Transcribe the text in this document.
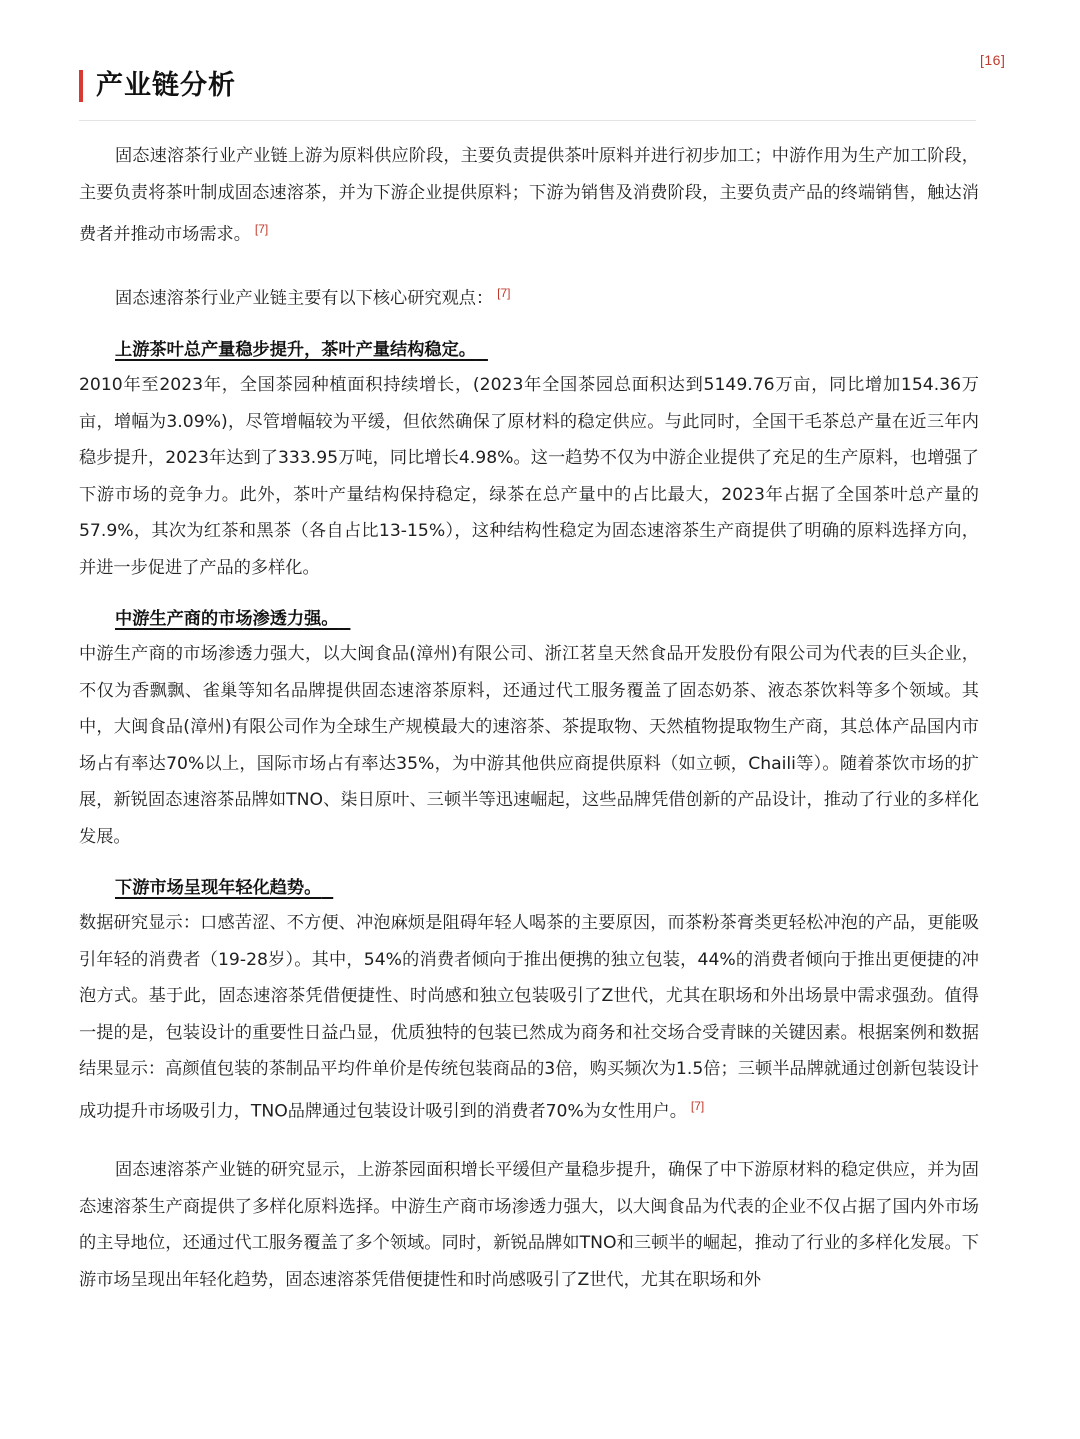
[16]
产业链分析

固态速溶茶行业产业链上游为原料供应阶段，主要负责提供茶叶原料并进行初步加工；中游作用为生产加工阶段，主要负责将茶叶制成固态速溶茶，并为下游企业提供原料；下游为销售及消费阶段，主要负责产品的终端销售，触达消费者并推动市场需求。 [7]

固态速溶茶行业产业链主要有以下核心研究观点： [7]

上游茶叶总产量稳步提升，茶叶产量结构稳定。

2010年至2023年，全国茶园种植面积持续增长，(2023年全国茶园总面积达到5149.76万亩，同比增加154.36万亩，增幅为3.09%)，尽管增幅较为平缓，但依然确保了原材料的稳定供应。与此同时，全国干毛茶总产量在近三年内稳步提升，2023年达到了333.95万吨，同比增长4.98%。这一趋势不仅为中游企业提供了充足的生产原料，也增强了下游市场的竞争力。此外，茶叶产量结构保持稳定，绿茶在总产量中的占比最大，2023年占据了全国茶叶总产量的57.9%，其次为红茶和黑茶（各自占比13-15%），这种结构性稳定为固态速溶茶生产商提供了明确的原料选择方向，并进一步促进了产品的多样化。

中游生产商的市场渗透力强。

中游生产商的市场渗透力强大，以大闽食品(漳州)有限公司、浙江茗皇天然食品开发股份有限公司为代表的巨头企业，不仅为香飘飘、雀巢等知名品牌提供固态速溶茶原料，还通过代工服务覆盖了固态奶茶、液态茶饮料等多个领域。其中，大闽食品(漳州)有限公司作为全球生产规模最大的速溶茶、茶提取物、天然植物提取物生产商，其总体产品国内市场占有率达70%以上，国际市场占有率达35%，为中游其他供应商提供原料（如立顿，Chaili等）。随着茶饮市场的扩展，新锐固态速溶茶品牌如TNO、柒日原叶、三顿半等迅速崛起，这些品牌凭借创新的产品设计，推动了行业的多样化发展。

下游市场呈现年轻化趋势。

数据研究显示：口感苦涩、不方便、冲泡麻烦是阻碍年轻人喝茶的主要原因，而茶粉茶膏类更轻松冲泡的产品，更能吸引年轻的消费者（19-28岁）。其中，54%的消费者倾向于推出便携的独立包装，44%的消费者倾向于推出更便捷的冲泡方式。基于此，固态速溶茶凭借便捷性、时尚感和独立包装吸引了Z世代，尤其在职场和外出场景中需求强劲。值得一提的是，包装设计的重要性日益凸显，优质独特的包装已然成为商务和社交场合受青睐的关键因素。根据案例和数据结果显示：高颜值包装的茶制品平均件单价是传统包装商品的3倍，购买频次为1.5倍；三顿半品牌就通过创新包装设计成功提升市场吸引力，TNO品牌通过包装设计吸引到的消费者70%为女性用户。 [7]

固态速溶茶产业链的研究显示，上游茶园面积增长平缓但产量稳步提升，确保了中下游原材料的稳定供应，并为固态速溶茶生产商提供了多样化原料选择。中游生产商市场渗透力强大，以大闽食品为代表的企业不仅占据了国内外市场的主导地位，还通过代工服务覆盖了多个领域。同时，新锐品牌如TNO和三顿半的崛起，推动了行业的多样化发展。下游市场呈现出年轻化趋势，固态速溶茶凭借便捷性和时尚感吸引了Z世代，尤其在职场和外
